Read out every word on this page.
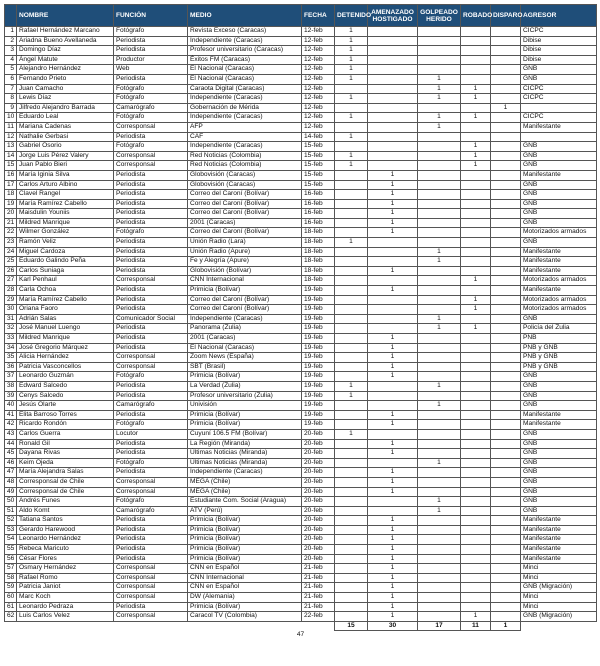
	NOMBRE	FUNCIÓN	MEDIO	FECHA	DETENIDO	AMENAZADO HOSTIGADO	GOLPEADO HERIDO	ROBADO	DISPARO	AGRESOR
1	Rafael Hernández Marcano	Fotógrafo	Revista Exceso (Caracas)	12-feb	1					CICPC
2	Ariadna Bueno Avellaneda	Periodista	Independiente (Caracas)	12-feb	1					Dibise
3	Domingo Díaz	Periodista	Profesor universitario (Caracas)	12-feb	1					Dibise
4	Ángel Matute	Productor	Éxitos FM (Caracas)	12-feb	1					Dibise
5	Alejandro Hernández	Web	El Nacional (Caracas)	12-feb	1					GNB
6	Fernando Prieto	Periodista	El Nacional (Caracas)	12-feb	1		1			GNB
7	Juan Camacho	Fotógrafo	Caraota Digital (Caracas)	12-feb			1	1		CICPC
8	Lewis Díaz	Fotógrafo	Independiente (Caracas)	12-feb	1		1	1		CICPC
9	Jilfredo Alejandro Barrada	Camarógrafo	Gobernación de Mérida	12-feb					1	
10	Eduardo Leal	Fotógrafo	Independiente (Caracas)	12-feb	1		1	1		CICPC
11	Mariana Cadenas	Corresponsal	AFP	12-feb			1			Manifestante
12	Nathalie Gerbasi	Periodista	CAF	14-feb	1					
13	Gabriel Osorio	Fotógrafo	Independiente (Caracas)	15-feb				1		GNB
14	Jorge Luis Pérez Valery	Corresponsal	Red Noticias (Colombia)	15-feb	1			1		GNB
15	Juan Pablo Bieri	Corresponsal	Red Noticias (Colombia)	15-feb	1			1		GNB
16	María Iginia Silva	Periodista	Globovisión (Caracas)	15-feb		1				Manifestante
17	Carlos Arturo Albino	Periodista	Globovisión (Caracas)	15-feb		1				GNB
18	Clavel Rangel	Periodista	Correo del Caroní (Bolívar)	16-feb		1				GNB
19	María Ramírez Cabello	Periodista	Correo del Caroní (Bolívar)	16-feb		1				GNB
20	Maisdulin Youniis	Periodista	Correo del Caroní (Bolívar)	16-feb		1				GNB
21	Mildred Manrique	Periodista	2001 (Caracas)	16-feb		1				GNB
22	Wilmer González	Fotógrafo	Correo del Caroní (Bolívar)	18-feb		1				Motorizados armados
23	Ramón Veliz	Periodista	Unión Radio (Lara)	18-feb	1					GNB
24	Miguel Cardoza	Periodista	Unión Radio (Apure)	18-feb			1			Manifestante
25	Eduardo Galindo Peña	Periodista	Fe y Alegría (Apure)	18-feb			1			Manifestante
26	Carlos Suniaga	Periodista	Globovisión (Bolívar)	18-feb		1				Manifestante
27	Karl Penhaul	Corresponsal	CNN Internacional	18-feb				1		Motorizados armados
28	Carla Ochoa	Periodista	Primicia (Bolívar)	19-feb		1				Manifestante
29	María Ramírez Cabello	Periodista	Correo del Caroní (Bolívar)	19-feb				1		Motorizados armados
30	Oriana Faoro	Periodista	Correo del Caroní (Bolívar)	19-feb				1		Motorizados armados
31	Adrián Salas	Comunicador Social	Independiente (Caracas)	19-feb			1			GNB
32	José Manuel Luengo	Periodista	Panorama (Zulia)	19-feb			1	1		Policía del Zulia
33	Mildred Manrique	Periodista	2001 (Caracas)	19-feb		1				PNB
34	José Gregorio Márquez	Periodista	El Nacional (Caracas)	19-feb		1				PNB y GNB
35	Alicia Hernández	Corresponsal	Zoom News (España)	19-feb		1				PNB y GNB
36	Patricia Vasconcellos	Corresponsal	SBT (Brasil)	19-feb		1				PNB y GNB
37	Leonardo Guzmán	Fotógrafo	Primicia (Bolívar)	19-feb		1				GNB
38	Edward Salcedo	Periodista	La Verdad (Zulia)	19-feb	1		1			GNB
39	Cenys Salcedo	Periodista	Profesor universitario (Zulia)	19-feb	1					GNB
40	Jesús Olarte	Camarógrafo	Univisión	19-feb			1			GNB
41	Elita Barroso Torres	Periodista	Primicia (Bolívar)	19-feb		1				Manifestante
42	Ricardo Rondón	Fotógrafo	Primicia (Bolívar)	19-feb		1				Manifestante
43	Carlos Guerra	Locutor	Cuyuní 106.5 FM (Bolívar)	20-feb	1					GNB
44	Ronald Gil	Periodista	La Región (Miranda)	20-feb		1				GNB
45	Dayana Rivas	Periodista	Últimas Noticias (Miranda)	20-feb		1				GNB
46	Keim Ojeda	Fotógrafo	Últimas Noticias (Miranda)	20-feb			1			GNB
47	María Alejandra Salas	Periodista	Independiente (Caracas)	20-feb		1				GNB
48	Corresponsal de Chile	Corresponsal	MEGA (Chile)	20-feb		1				GNB
49	Corresponsal de Chile	Corresponsal	MEGA (Chile)	20-feb		1				GNB
50	Andrés Funes	Fotógrafo	Estudiante Com. Social (Aragua)	20-feb			1			GNB
51	Aldo Komt	Camarógrafo	ATV (Perú)	20-feb			1			GNB
52	Tatiana Santos	Periodista	Primicia (Bolívar)	20-feb		1				Manifestante
53	Gerardo Harewood	Periodista	Primicia (Bolívar)	20-feb		1				Manifestante
54	Leonardo Hernández	Periodista	Primicia (Bolívar)	20-feb		1				Manifestante
55	Rebeca Maricuto	Periodista	Primicia (Bolívar)	20-feb		1				Manifestante
56	César Flores	Periodista	Primicia (Bolívar)	20-feb		1				Manifestante
57	Osmary Hernández	Corresponsal	CNN en Español	21-feb		1				Minci
58	Rafael Romo	Corresponsal	CNN Internacional	21-feb		1				Minci
59	Patricia Janiot	Corresponsal	CNN en Español	21-feb		1				GNB (Migración)
60	Marc Koch	Corresponsal	DW (Alemania)	21-feb		1				Minci
61	Leonardo Pedraza	Periodista	Primicia (Bolívar)	21-feb		1				Minci
62	Luis Carlos Velez	Corresponsal	Caracol TV (Colombia)	22-feb		1		1		GNB (Migración)
					15	30	17	11	1	
47										
